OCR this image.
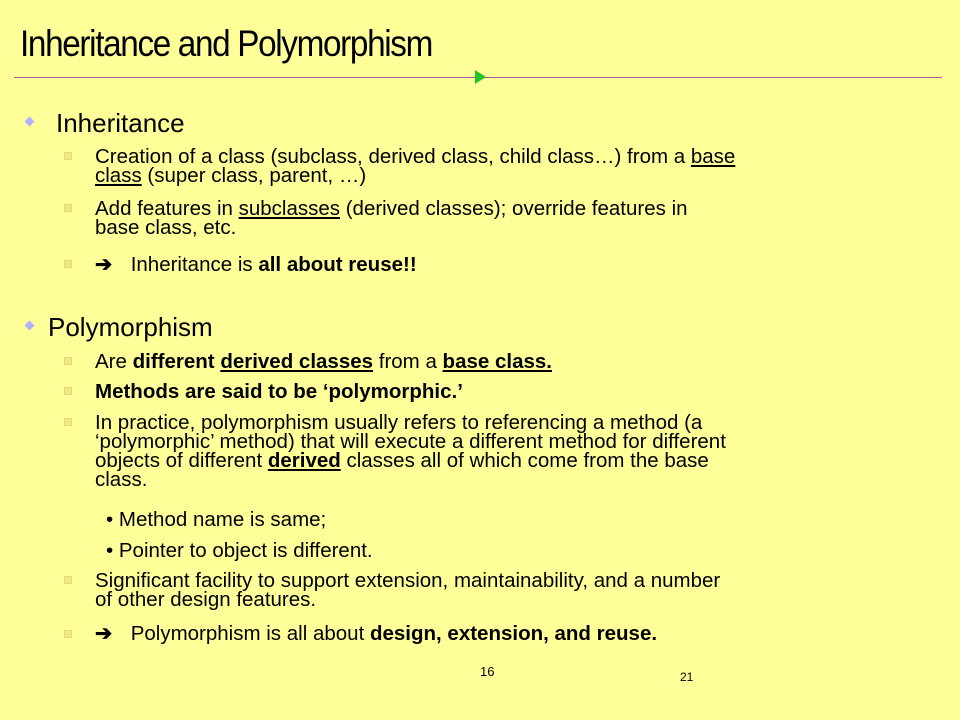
Inheritance and Polymorphism
Inheritance
Creation of a class (subclass, derived class, child class…) from a base
class (super class, parent, …)
Add features in subclasses (derived classes); override features in
base class, etc.
➔ Inheritance is all about reuse!!
Polymorphism
Are different derived classes from a base class.
Methods are said to be ‘polymorphic.’
In practice, polymorphism usually refers to referencing a method (a
‘polymorphic’ method) that will execute a different method for different
objects of different derived classes all of which come from the base
class.
• Method name is same;
• Pointer to object is different.
Significant facility to support extension, maintainability, and a number
of other design features.
➔ Polymorphism is all about design, extension, and reuse.
16	21
